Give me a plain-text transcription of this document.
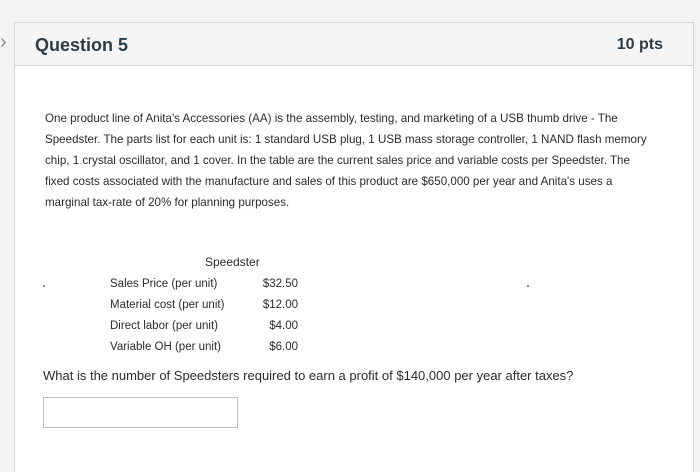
› Question 5	10 pts

One product line of Anita's Accessories (AA) is the assembly, testing, and marketing of a USB thumb drive - The Speedster. The parts list for each unit is: 1 standard USB plug, 1 USB mass storage controller, 1 NAND flash memory chip, 1 crystal oscillator, and 1 cover. In the table are the current sales price and variable costs per Speedster. The fixed costs associated with the manufacture and sales of this product are $650,000 per year and Anita's uses a marginal tax-rate of 20% for planning purposes.

Speedster
Sales Price (per unit)	$32.50
Material cost (per unit)	$12.00
Direct labor (per unit)	$4.00
Variable OH (per unit)	$6.00
What is the number of Speedsters required to earn a profit of $140,000 per year after taxes?
